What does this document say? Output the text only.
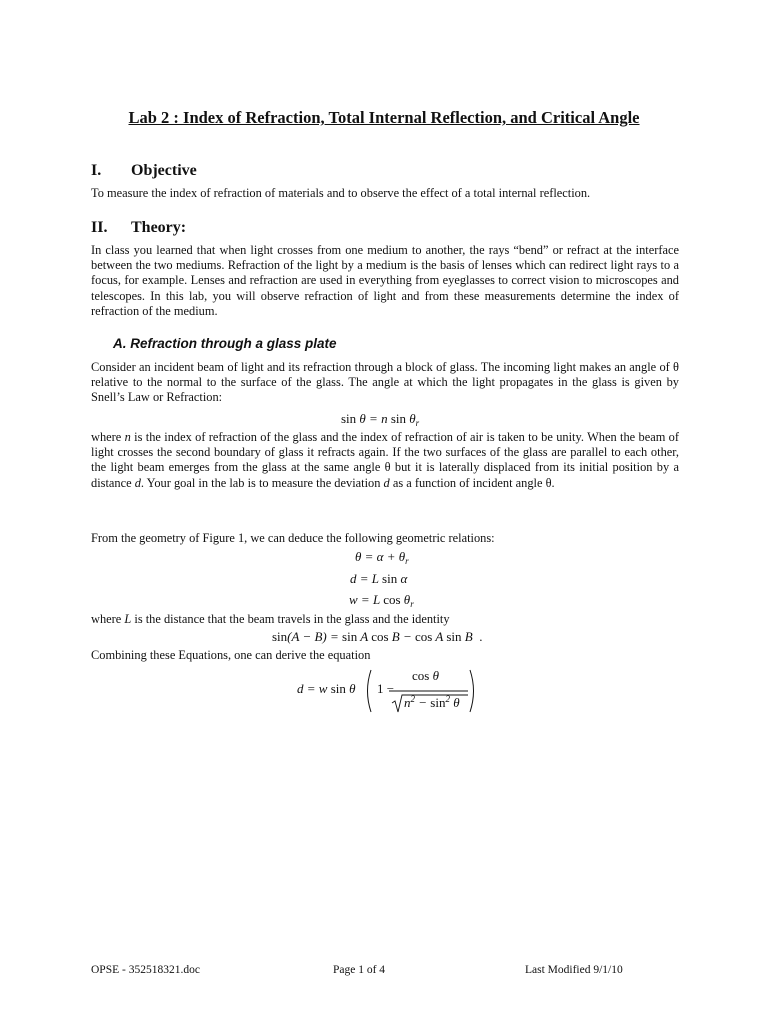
Lab 2 : Index of Refraction, Total Internal Reflection, and Critical Angle
I. Objective
To measure the index of refraction of materials and to observe the effect of a total internal reflection.
II. Theory:
In class you learned that when light crosses from one medium to another, the rays “bend” or refract at the interface between the two mediums. Refraction of the light by a medium is the basis of lenses which can redirect light rays to a focus, for example. Lenses and refraction are used in everything from eyeglasses to correct vision to microscopes and telescopes. In this lab, you will observe refraction of light and from these measurements determine the index of refraction of the medium.
A. Refraction through a glass plate
Consider an incident beam of light and its refraction through a block of glass. The incoming light makes an angle of θ relative to the normal to the surface of the glass. The angle at which the light propagates in the glass is given by Snell’s Law or Refraction:
sin θ = n $\sin \theta_r$
where n is the index of refraction of the glass and the index of refraction of air is taken to be unity. When the beam of light crosses the second boundary of glass it refracts again. If the two surfaces of the glass are parallel to each other, the light beam emerges from the glass at the same angle θ but it is laterally displaced from its initial position by a distance d. Your goal in the lab is to measure the deviation d as a function of incident angle θ.
From the geometry of Figure 1, we can deduce the following geometric relations:
$\theta = \alpha + \theta_r$
d = L sin α
w = L $\cos \theta_r$
where L is the distance that the beam travels in the glass and the identity
sin(A − B) = sin A cos B − cos A sin B  .
Combining these Equations, one can derive the equation
d = w sin θ 1 −
cos θ
$n^2 - \sin^2 \theta$
OPSE - 352518321.doc	Page 1 of 4	Last Modified 9/1/10
